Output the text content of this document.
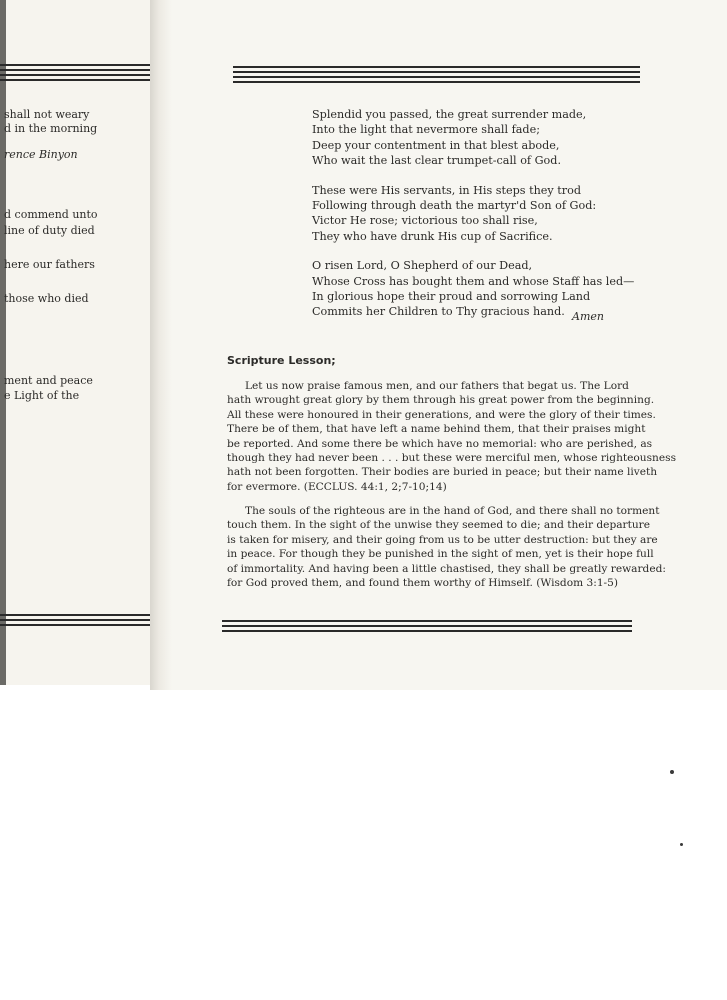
shall not weary
d in the morning
rence Binyon
d commend unto
line of duty died
here our fathers
those who died
ment and peace
e Light of the
Splendid you passed, the great surrender made,
Into the light that nevermore shall fade;
Deep your contentment in that blest abode,
Who wait the last clear trumpet-call of God.
These were His servants, in His steps they trod
Following through death the martyr'd Son of God:
Victor He rose; victorious too shall rise,
They who have drunk His cup of Sacrifice.
O risen Lord, O Shepherd of our Dead,
Whose Cross has bought them and whose Staff has led—
In glorious hope their proud and sorrowing Land
Commits her Children to Thy gracious hand. Amen
Scripture Lesson;
Let us now praise famous men, and our fathers that begat us. The Lord
hath wrought great glory by them through his great power from the beginning.
All these were honoured in their generations, and were the glory of their times.
There be of them, that have left a name behind them, that their praises might
be reported. And some there be which have no memorial: who are perished, as
though they had never been . . . but these were merciful men, whose righteousness
hath not been forgotten. Their bodies are buried in peace; but their name liveth
for evermore. (ECCLUS. 44:1, 2;7-10;14)
The souls of the righteous are in the hand of God, and there shall no torment
touch them. In the sight of the unwise they seemed to die; and their departure
is taken for misery, and their going from us to be utter destruction: but they are
in peace. For though they be punished in the sight of men, yet is their hope full
of immortality. And having been a little chastised, they shall be greatly rewarded:
for God proved them, and found them worthy of Himself. (Wisdom 3:1-5)
